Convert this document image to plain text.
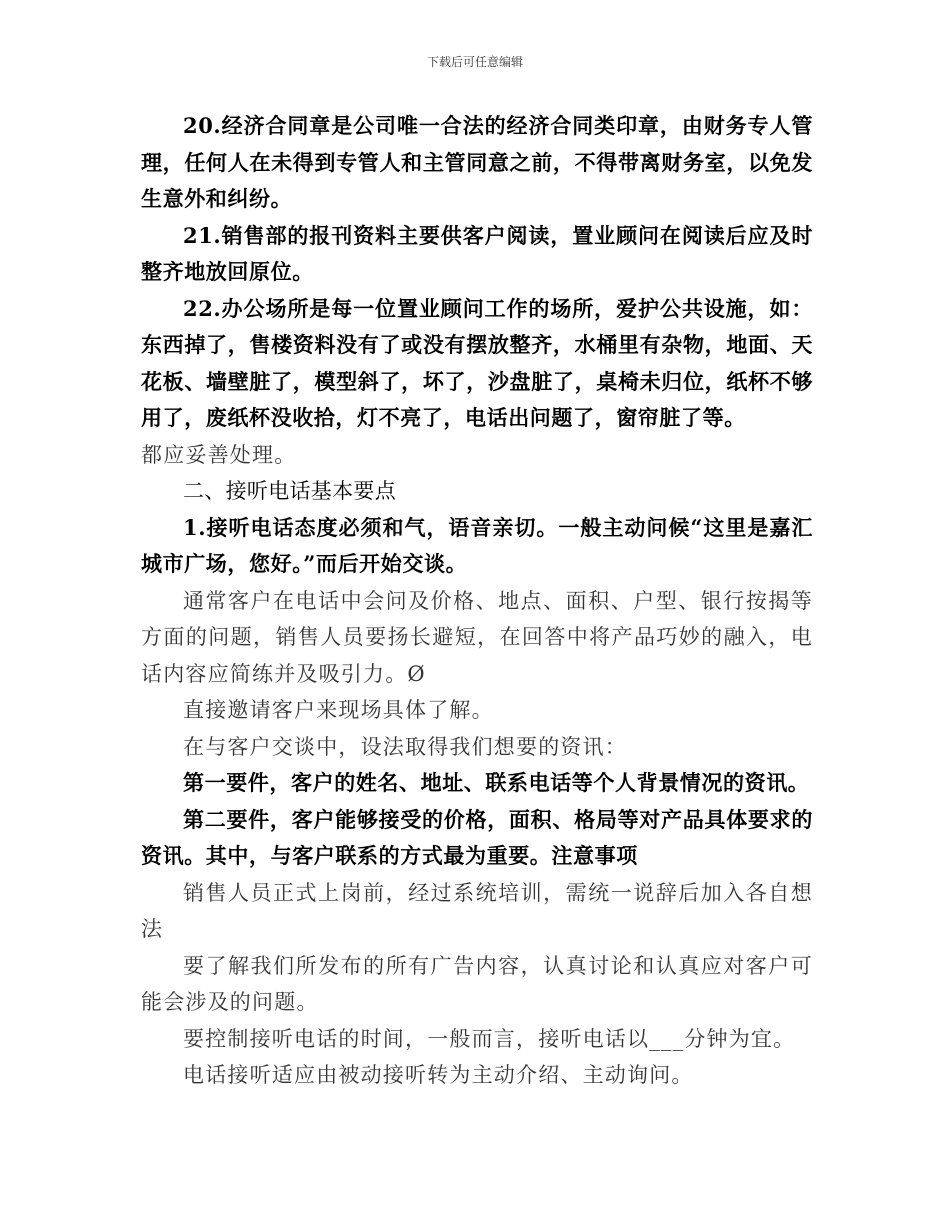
下载后可任意编辑

20.经济合同章是公司唯一合法的经济合同类印章，由财务专人管理，任何人在未得到专管人和主管同意之前，不得带离财务室，以免发生意外和纠纷。

21.销售部的报刊资料主要供客户阅读，置业顾问在阅读后应及时整齐地放回原位。

22.办公场所是每一位置业顾问工作的场所，爱护公共设施，如：东西掉了，售楼资料没有了或没有摆放整齐，水桶里有杂物，地面、天花板、墙壁脏了，模型斜了，坏了，沙盘脏了，桌椅未归位，纸杯不够用了，废纸杯没收拾，灯不亮了，电话出问题了，窗帘脏了等。

都应妥善处理。

二、接听电话基本要点

1.接听电话态度必须和气，语音亲切。一般主动问候“这里是嘉汇城市广场，您好。”而后开始交谈。

通常客户在电话中会问及价格、地点、面积、户型、银行按揭等方面的问题，销售人员要扬长避短，在回答中将产品巧妙的融入，电话内容应简练并及吸引力。Ø

直接邀请客户来现场具体了解。

在与客户交谈中，设法取得我们想要的资讯：

第一要件，客户的姓名、地址、联系电话等个人背景情况的资讯。

第二要件，客户能够接受的价格，面积、格局等对产品具体要求的资讯。其中，与客户联系的方式最为重要。注意事项

销售人员正式上岗前，经过系统培训，需统一说辞后加入各自想法

要了解我们所发布的所有广告内容，认真讨论和认真应对客户可能会涉及的问题。

要控制接听电话的时间，一般而言，接听电话以___分钟为宜。

电话接听适应由被动接听转为主动介绍、主动询问。
